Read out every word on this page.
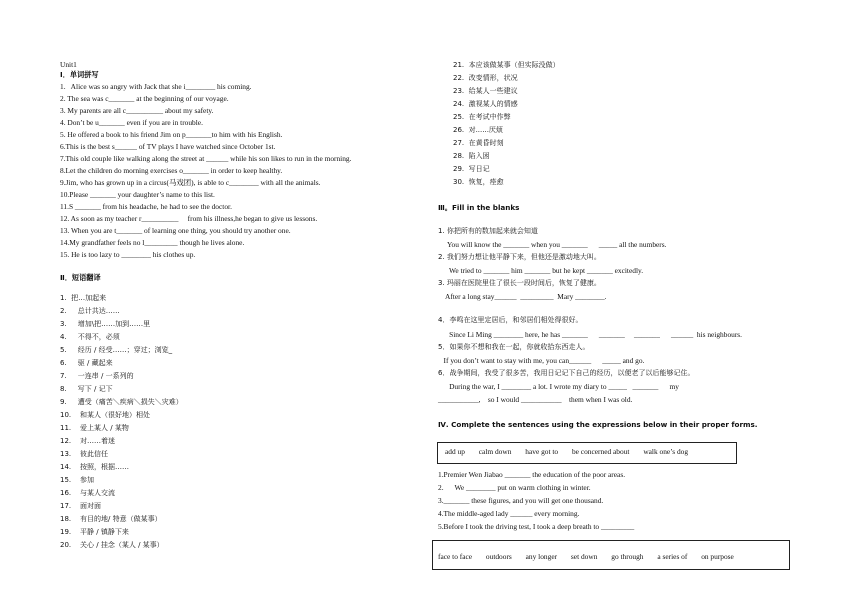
Unit1
Ⅰ．单词拼写
1.   Alice was so angry with Jack that she i________ his coming.
2. The sea was c_______ at the beginning of our voyage.
3. My parents are all c__________ about my safety.
4. Don’t be u_______ even if you are in trouble.
5. He offered a book to his friend Jim on p_______to him with his English.
6.This is the best s______ of TV plays I have watched since October 1st.
7.This old couple like walking along the street at ______ while his son likes to run in the morning.
8.Let the children do morning exercises o_______ in order to keep healthy.
9.Jim, who has grown up in a circus(马戏团), is able to c________ with all the animals.
10.Please _______ your daughter’s name to this list.
11.S _______ from his headache, he had to see the doctor.
12. As soon as my teacher r__________     from his illness,he began to give us lessons.
13. When you are t_______ of learning one thing, you should try another one.
14.My grandfather feels no l_________ though he lives alone.
15. He is too lazy to ________ his clothes up.
Ⅱ．短语翻译
1.  把…加起来
2.     总计共达……
3.     增加\把……加到……里
4.     不得不，必须
5.     经历 / 经受……；穿过；浏览_
6.     驱 / 藏起来
7.     一连串 / 一系列的
8.     写下 / 记下
9.     遭受（痛苦＼疾病＼损失＼灾难）
10.    和某人（很好地）相处
11.    爱上某人 / 某物
12.    对……着迷
13.    彼此信任
14.    按照，根据……
15.    参加
16.    与某人交流
17.    面对面
18.    有目的地/ 特意（做某事）
19.    平静 / 镇静下来
20.    关心 / 挂念（某人 / 某事）
21.  本应该做某事（但实际没做）
22.  改变情形，状况
23.  给某人一些建议
24.  激视某人的情感
25.  在考试中作弊
26.  对......厌烦
27.  在黄昏时刻
28.  陷入困
29.  写日记
30.  恢复，痊愈
Ⅲ。Fill in the blanks
1. 你把所有的数加起来就会知道
You will know the _______ when you _______      _____ all the numbers.
2. 我们努力想让他平静下来，但他还是激动地大叫。
We tried to _______ him _______ but he kept _______ excitedly.
3. 玛丽在医院里住了很长一段时间后，恢复了健康。
After a long stay______  _________  Mary ________.
4．李鸣在这里定居后，和邻居们相处得很好。
Since Li Ming ________ here, he has _______      _______     _______      ______  his neighbours.
5．如果你不想和我在一起，你就收拾东西走人。
If you don’t want to stay with me, you can______      _____ and go.
6．战争期间，我受了很多苦，我用日记记下自己的经历，以便老了以后能够记住。
During the war, I ________ a lot. I wrote my diary to _____   _______      my
___________,    so I would ___________    them when I was old.
Ⅳ. Complete the sentences using the expressions below in their proper forms.
add up calm down have got to be concerned about walk one’s dog
1.Premier Wen Jiabao _______ the education of the poor areas.
2.      We ________ put on warm clothing in winter.
3._______ these figures, and you will get one thousand.
4.The middle-aged lady ______ every morning.
5.Before I took the driving test, I took a deep breath to _________
face to face outdoors any longer set down go through a series of on purpose
